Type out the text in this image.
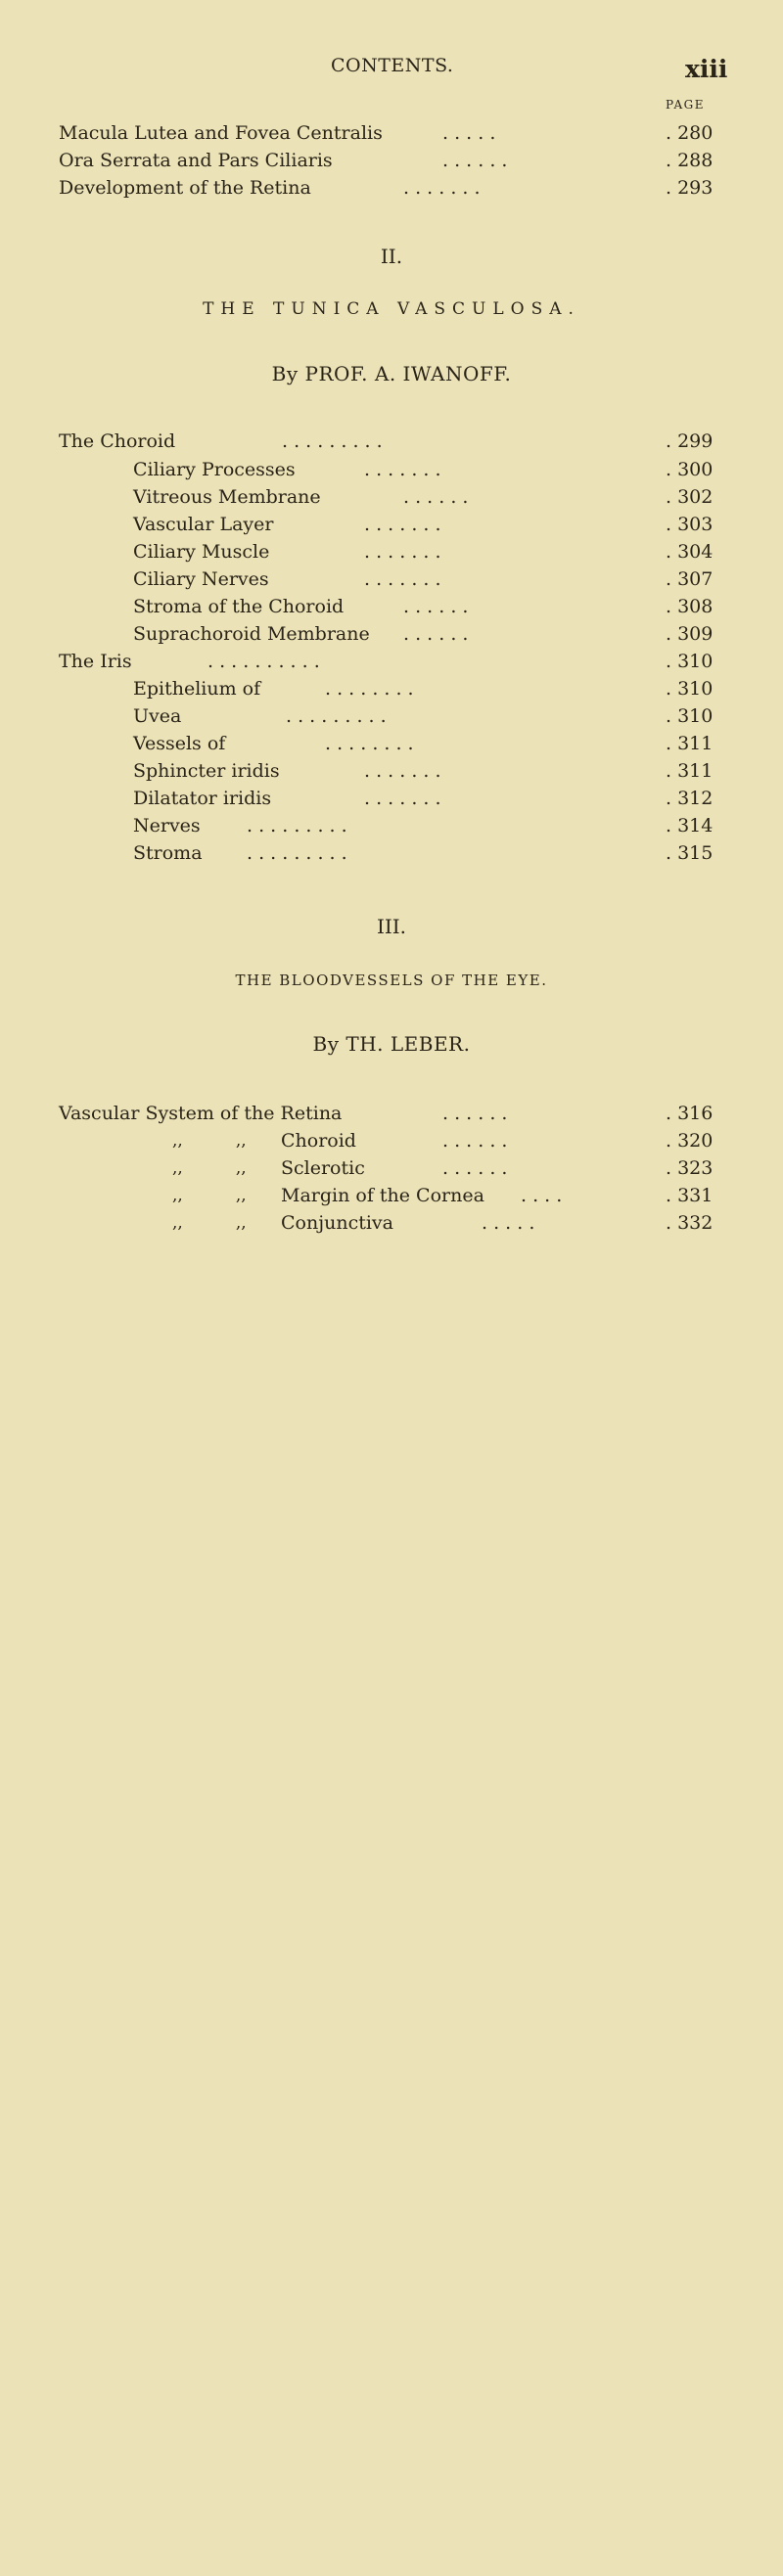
CONTENTS.	xiii
PAGE
Macula Lutea and Fovea Centralis	. . . . .	. 280
Ora Serrata and Pars Ciliaris	. . . . . .	. 288
Development of the Retina	. . . . . . .	. 293
II.
THE TUNICA VASCULOSA.
By PROF. A. IWANOFF.
The Choroid	. . . . . . . . .	. 299
Ciliary Processes	. . . . . . .	. 300
Vitreous Membrane	. . . . . .	. 302
Vascular Layer	. . . . . . .	. 303
Ciliary Muscle	. . . . . . .	. 304
Ciliary Nerves	. . . . . . .	. 307
Stroma of the Choroid	. . . . . .	. 308
Suprachoroid Membrane . . . . . .	. 309
The Iris	. . . . . . . . . .	. 310
Epithelium of	. . . . . . . .	. 310
Uvea	. . . . . . . . .	. 310
Vessels of	. . . . . . . .	. 311
Sphincter iridis	. . . . . . .	. 311
Dilatator iridis	. . . . . . .	. 312
Nerves . . . . . . . . .	. 314
Stroma . . . . . . . . .	. 315
III.
THE BLOODVESSELS OF THE EYE.
By TH. LEBER.
Vascular System of the Retina	. . . . . .	. 316
,,          ,, Choroid	. . . . . .	. 320
,,          ,, Sclerotic	. . . . . .	. 323
,,          ,, Margin of the Cornea . . . .	. 331
,,          ,, Conjunctiva	. . . . .	. 332
